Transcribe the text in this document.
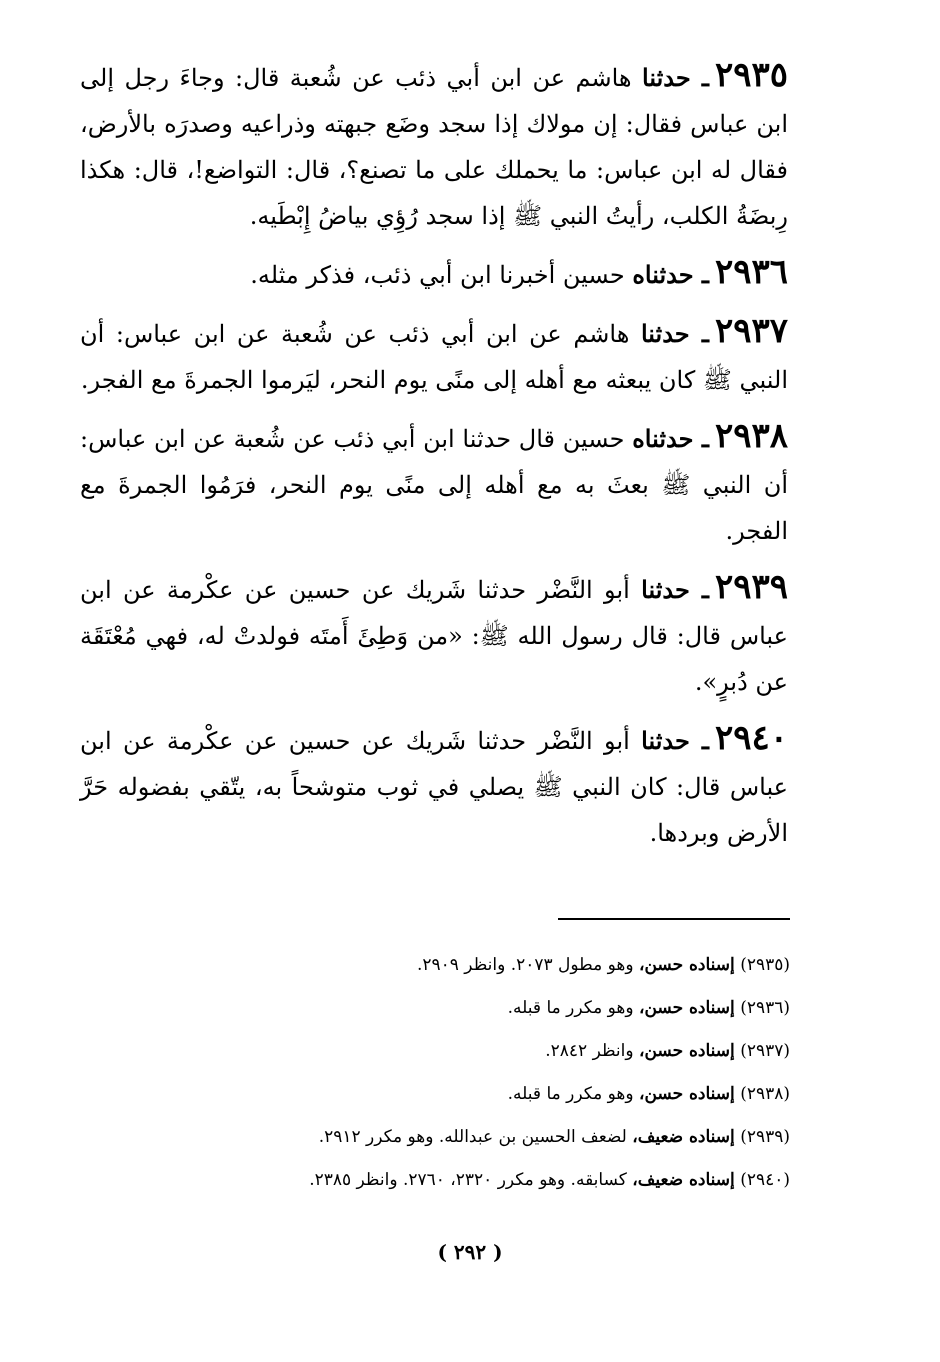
٢٩٣٥ـ حدثنا هاشم عن ابن أبي ذئب عن شُعبة قال: وجاءَ رجل إلى ابن عباس فقال: إن مولاك إذا سجد وضَع جبهته وذراعيه وصدرَه بالأرض، فقال له ابن عباس: ما يحملك على ما تصنع؟، قال: التواضع!، قال: هكذا رِبضَةُ الكلب، رأيتُ النبي ﷺ إذا سجد رُؤِي بياضُ إِبْطَيه.

٢٩٣٦ـ حدثناه حسين أخبرنا ابن أبي ذئب، فذكر مثله.

٢٩٣٧ـ حدثنا هاشم عن ابن أبي ذئب عن شُعبة عن ابن عباس: أن النبي ﷺ كان يبعثه مع أهله إلى منًى يوم النحر، ليَرموا الجمرةَ مع الفجر.

٢٩٣٨ـ حدثناه حسين قال حدثنا ابن أبي ذئب عن شُعبة عن ابن عباس: أن النبي ﷺ بعثَ به مع أهله إلى منًى يوم النحر، فرَمُوا الجمرةَ مع الفجر.

٢٩٣٩ـ حدثنا أبو النَّضْر حدثنا شَريك عن حسين عن عكْرمة عن ابن عباس قال: قال رسول الله ﷺ: «من وَطِئَ أَمتَه فولدتْ له، فهي مُعْتَقَة عن دُبرٍ».

٢٩٤٠ـ حدثنا أبو النَّضْر حدثنا شَريك عن حسين عن عكْرمة عن ابن عباس قال: كان النبي ﷺ يصلي في ثوب متوشحاً به، يتّقي بفضوله حَرَّ الأرض وبردها.

(٢٩٣٥) إسناده حسن، وهو مطول ٢٠٧٣. وانظر ٢٩٠٩.

(٢٩٣٦) إسناده حسن، وهو مكرر ما قبله.

(٢٩٣٧) إسناده حسن، وانظر ٢٨٤٢.

(٢٩٣٨) إسناده حسن، وهو مكرر ما قبله.

(٢٩٣٩) إسناده ضعيف، لضعف الحسين بن عبدالله. وهو مكرر ٢٩١٢.

(٢٩٤٠) إسناده ضعيف، كسابقه. وهو مكرر ٢٣٢٠، ٢٧٦٠. وانظر ٢٣٨٥.

( ٢٩٢ )
